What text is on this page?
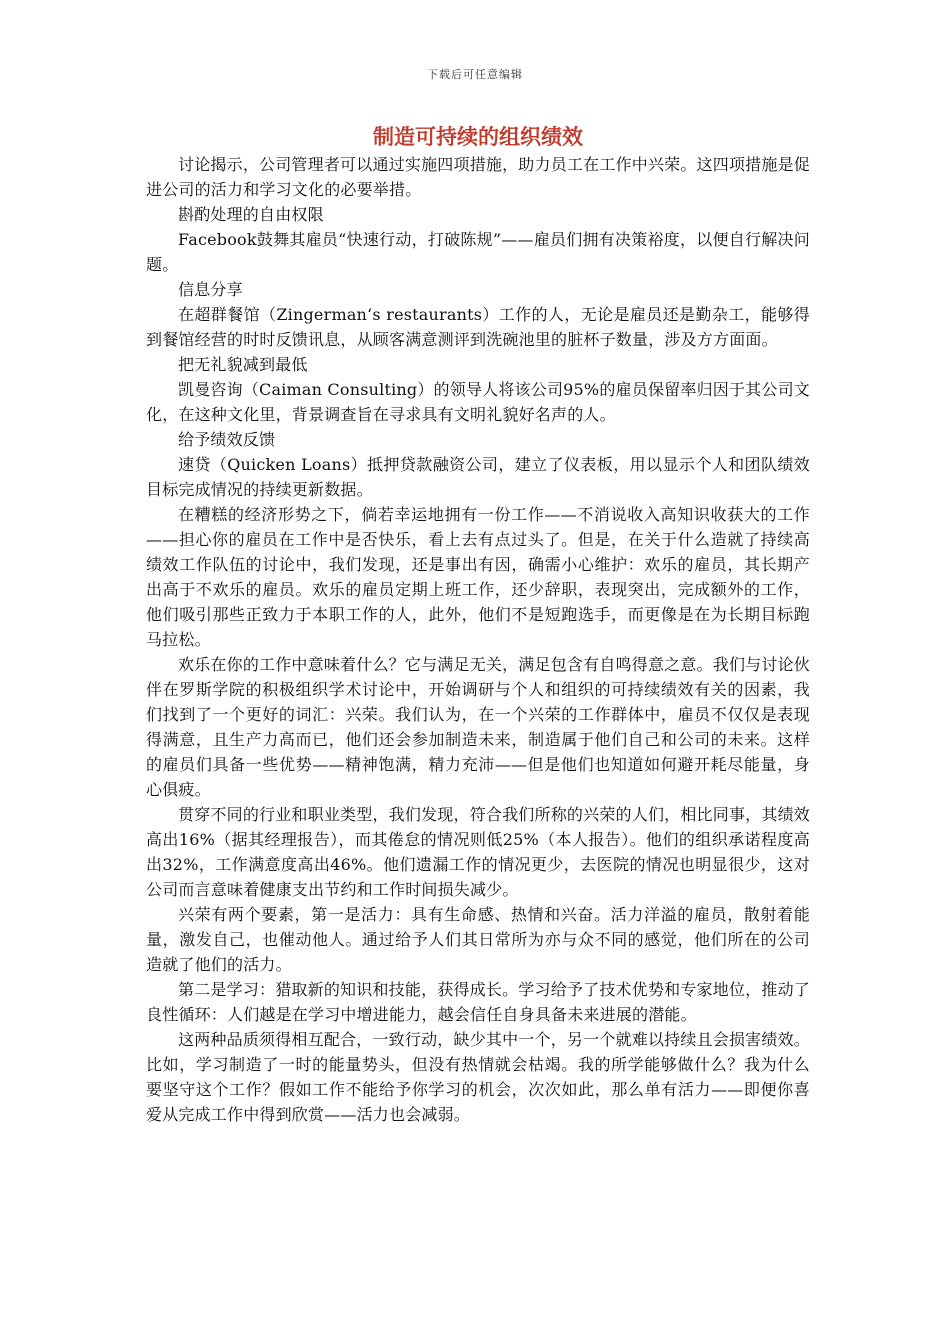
下载后可任意编辑
制造可持续的组织绩效

讨论揭示，公司管理者可以通过实施四项措施，助力员工在工作中兴荣。这四项措施是促进公司的活力和学习文化的必要举措。

斟酌处理的自由权限

Facebook鼓舞其雇员“快速行动，打破陈规”——雇员们拥有决策裕度，以便自行解决问题。

信息分享

在超群餐馆（Zingerman‘s restaurants）工作的人，无论是雇员还是勤杂工，能够得到餐馆经营的时时反馈讯息，从顾客满意测评到洗碗池里的脏杯子数量，涉及方方面面。

把无礼貌减到最低

凯曼咨询（Caiman Consulting）的领导人将该公司95%的雇员保留率归因于其公司文化，在这种文化里，背景调查旨在寻求具有文明礼貌好名声的人。

给予绩效反馈

速贷（Quicken Loans）抵押贷款融资公司，建立了仪表板，用以显示个人和团队绩效目标完成情况的持续更新数据。

在糟糕的经济形势之下，倘若幸运地拥有一份工作——不消说收入高知识收获大的工作——担心你的雇员在工作中是否快乐，看上去有点过头了。但是，在关于什么造就了持续高绩效工作队伍的讨论中，我们发现，还是事出有因，确需小心维护：欢乐的雇员，其长期产出高于不欢乐的雇员。欢乐的雇员定期上班工作，还少辞职，表现突出，完成额外的工作，他们吸引那些正致力于本职工作的人，此外，他们不是短跑选手，而更像是在为长期目标跑马拉松。

欢乐在你的工作中意味着什么？它与满足无关，满足包含有自鸣得意之意。我们与讨论伙伴在罗斯学院的积极组织学术讨论中，开始调研与个人和组织的可持续绩效有关的因素，我们找到了一个更好的词汇：兴荣。我们认为，在一个兴荣的工作群体中，雇员不仅仅是表现得满意，且生产力高而已，他们还会参加制造未来，制造属于他们自己和公司的未来。这样的雇员们具备一些优势——精神饱满，精力充沛——但是他们也知道如何避开耗尽能量，身心俱疲。

贯穿不同的行业和职业类型，我们发现，符合我们所称的兴荣的人们，相比同事，其绩效高出16%（据其经理报告），而其倦怠的情况则低25%（本人报告）。他们的组织承诺程度高出32%，工作满意度高出46%。他们遗漏工作的情况更少，去医院的情况也明显很少，这对公司而言意味着健康支出节约和工作时间损失减少。

兴荣有两个要素，第一是活力：具有生命感、热情和兴奋。活力洋溢的雇员，散射着能量，激发自己，也催动他人。通过给予人们其日常所为亦与众不同的感觉，他们所在的公司造就了他们的活力。

第二是学习：猎取新的知识和技能，获得成长。学习给予了技术优势和专家地位，推动了良性循环：人们越是在学习中增进能力，越会信任自身具备未来进展的潜能。

这两种品质须得相互配合，一致行动，缺少其中一个，另一个就难以持续且会损害绩效。比如，学习制造了一时的能量势头，但没有热情就会枯竭。我的所学能够做什么？我为什么要坚守这个工作？假如工作不能给予你学习的机会，次次如此，那么单有活力——即便你喜爱从完成工作中得到欣赏——活力也会减弱。
